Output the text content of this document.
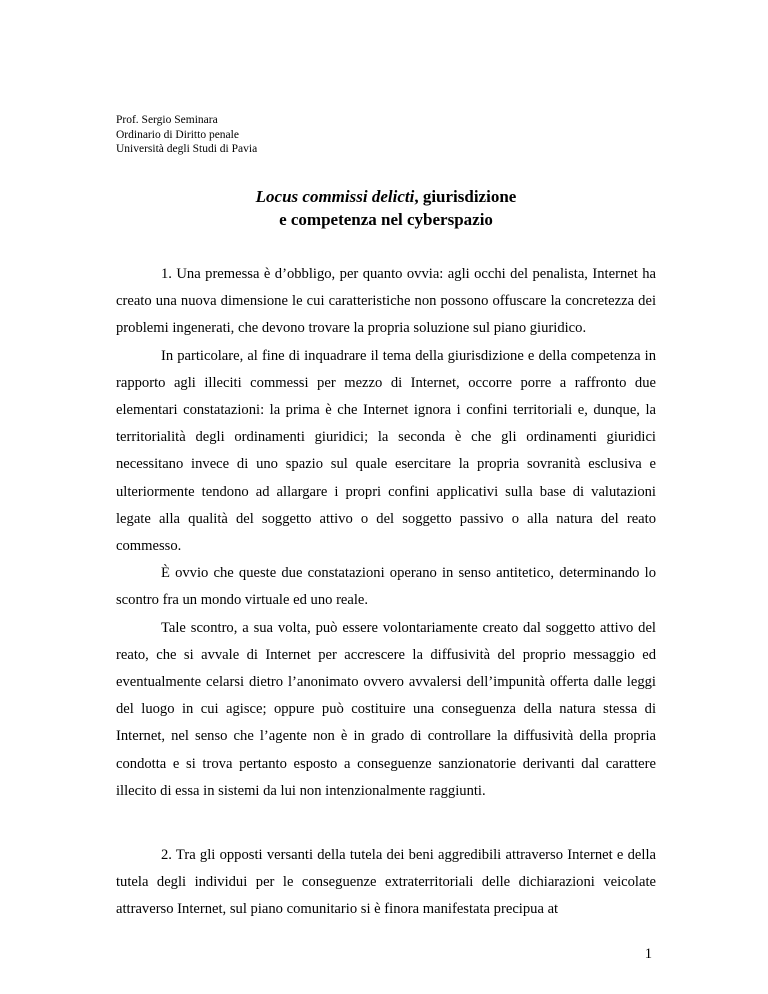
Prof. Sergio Seminara
Ordinario di Diritto penale
Università degli Studi di Pavia
Locus commissi delicti, giurisdizione
e competenza nel cyberspazio

1. Una premessa è d’obbligo, per quanto ovvia: agli occhi del penalista, Internet ha creato una nuova dimensione le cui caratteristiche non possono offuscare la concretezza dei problemi ingenerati, che devono trovare la propria soluzione sul piano giuridico.

In particolare, al fine di inquadrare il tema della giurisdizione e della competenza in rapporto agli illeciti commessi per mezzo di Internet, occorre porre a raffronto due elementari constatazioni: la prima è che Internet ignora i confini territoriali e, dunque, la territorialità degli ordinamenti giuridici; la seconda è che gli ordinamenti giuridici necessitano invece di uno spazio sul quale esercitare la propria sovranità esclusiva e ulteriormente tendono ad allargare i propri confini applicativi sulla base di valutazioni legate alla qualità del soggetto attivo o del soggetto passivo o alla natura del reato commesso.

È ovvio che queste due constatazioni operano in senso antitetico, determinando lo scontro fra un mondo virtuale ed uno reale.

Tale scontro, a sua volta, può essere volontariamente creato dal soggetto attivo del reato, che si avvale di Internet per accrescere la diffusività del proprio messaggio ed eventualmente celarsi dietro l’anonimato ovvero avvalersi dell’impunità offerta dalle leggi del luogo in cui agisce; oppure può costituire una conseguenza della natura stessa di Internet, nel senso che l’agente non è in grado di controllare la diffusività della propria condotta e si trova pertanto esposto a conseguenze sanzionatorie derivanti dal carattere illecito di essa in sistemi da lui non intenzionalmente raggiunti.

2. Tra gli opposti versanti della tutela dei beni aggredibili attraverso Internet e della tutela degli individui per le conseguenze extraterritoriali delle dichiarazioni veicolate attraverso Internet, sul piano comunitario si è finora manifestata precipua at

1
